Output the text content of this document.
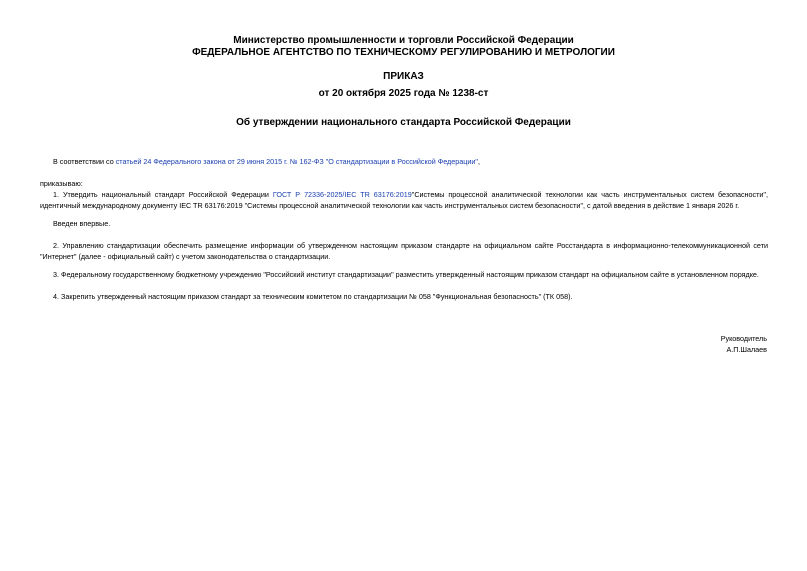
Министерство промышленности и торговли Российской Федерации
ФЕДЕРАЛЬНОЕ АГЕНТСТВО ПО ТЕХНИЧЕСКОМУ РЕГУЛИРОВАНИЮ И МЕТРОЛОГИИ
ПРИКАЗ
от 20 октября 2025 года № 1238-ст
Об утверждении национального стандарта Российской Федерации
В соответствии со статьей 24 Федерального закона от 29 июня 2015 г. № 162-ФЗ "О стандартизации в Российской Федерации",
приказываю:
1. Утвердить национальный стандарт Российской Федерации ГОСТ Р 72336-2025/IEC TR 63176:2019"Системы процессной аналитической технологии как часть инструментальных систем безопасности", идентичный международному документу IEC TR 63176:2019 "Системы процессной аналитической технологии как часть инструментальных систем безопасности", с датой введения в действие 1 января 2026 г.
Введен впервые.
2. Управлению стандартизации обеспечить размещение информации об утвержденном настоящим приказом стандарте на официальном сайте Росстандарта в информационно-телекоммуникационной сети "Интернет" (далее - официальный сайт) с учетом законодательства о стандартизации.
3. Федеральному государственному бюджетному учреждению "Российский институт стандартизации" разместить утвержденный настоящим приказом стандарт на официальном сайте в установленном порядке.
4. Закрепить утвержденный настоящим приказом стандарт за техническим комитетом по стандартизации № 058 "Функциональная безопасность" (ТК 058).
Руководитель
А.П.Шалаев
